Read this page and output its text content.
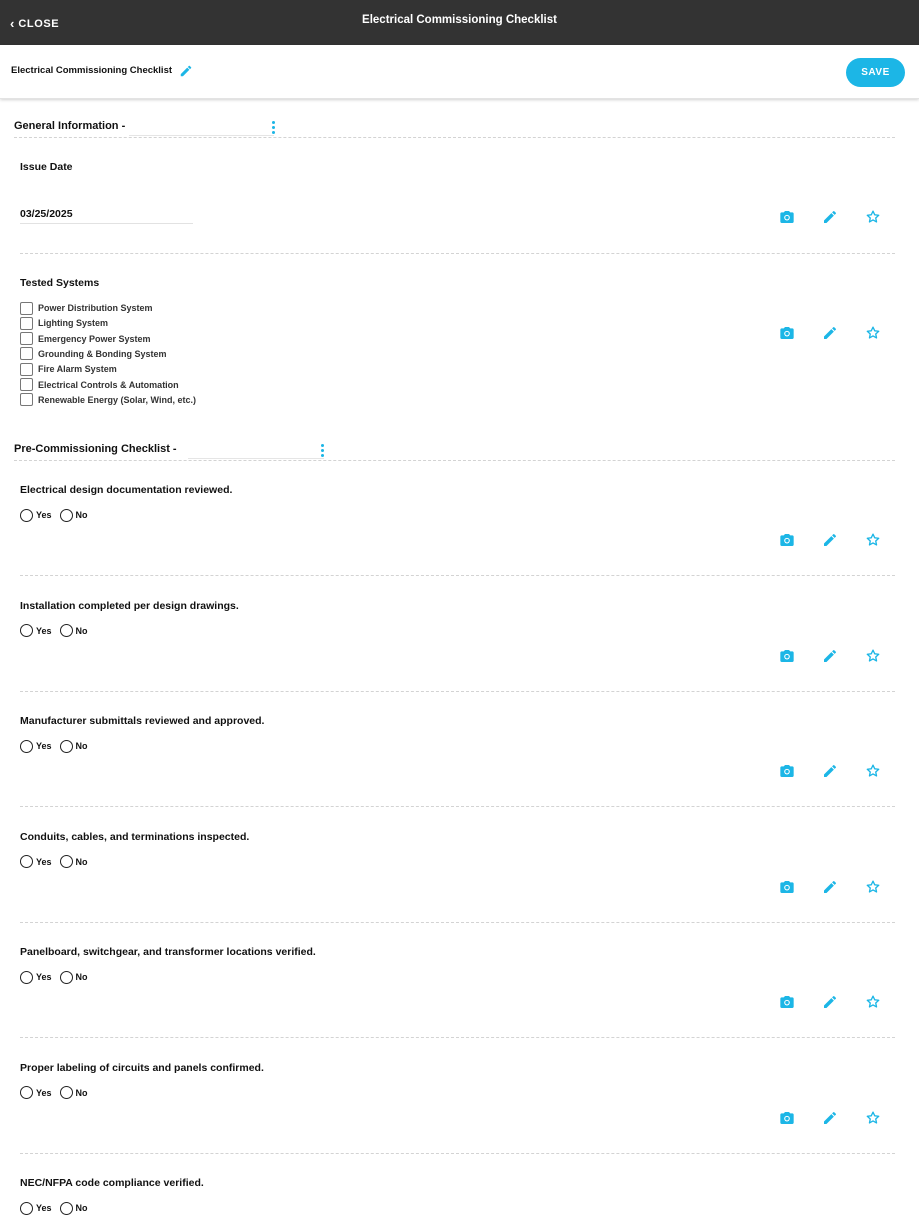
‹ CLOSE	Electrical Commissioning Checklist
Electrical Commissioning Checklist	SAVE
General Information -
Issue Date
03/25/2025
Tested Systems
Power Distribution System
Lighting System
Emergency Power System
Grounding & Bonding System
Fire Alarm System
Electrical Controls & Automation
Renewable Energy (Solar, Wind, etc.)
Pre-Commissioning Checklist -
Electrical design documentation reviewed.
Yes	No
Installation completed per design drawings.
Yes	No
Manufacturer submittals reviewed and approved.
Yes	No
Conduits, cables, and terminations inspected.
Yes	No
Panelboard, switchgear, and transformer locations verified.
Yes	No
Proper labeling of circuits and panels confirmed.
Yes	No
NEC/NFPA code compliance verified.
Yes	No
